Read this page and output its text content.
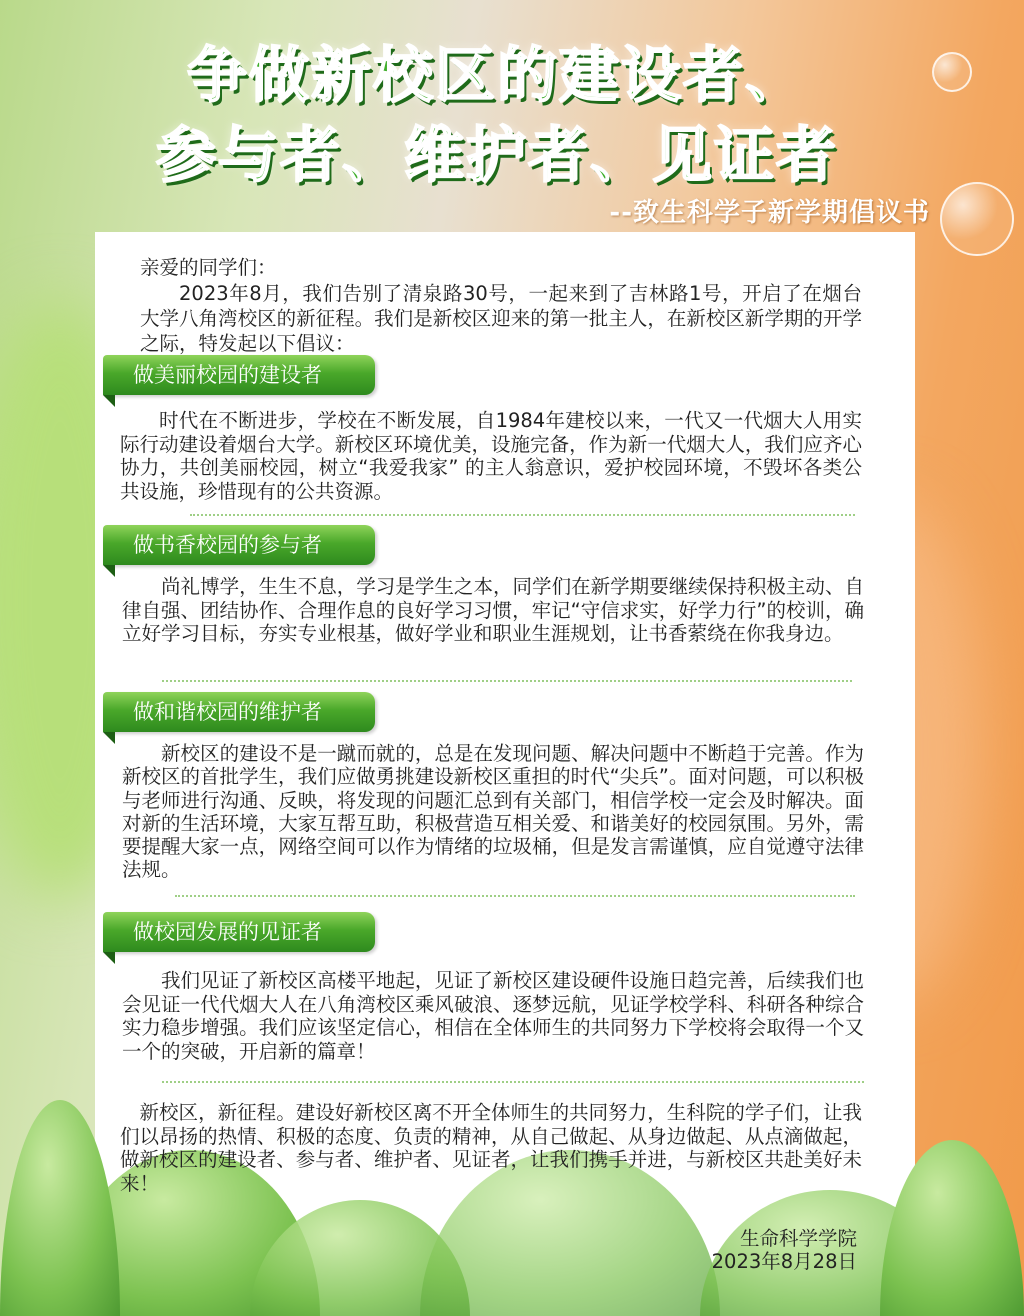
争做新校区的建设者、
参与者、维护者、见证者
--致生科学子新学期倡议书
亲爱的同学们：
2023年8月，我们告别了清泉路30号，一起来到了吉林路1号，开启了在烟台大学八角湾校区的新征程。我们是新校区迎来的第一批主人，在新校区新学期的开学之际，特发起以下倡议：
做美丽校园的建设者
时代在不断进步，学校在不断发展，自1984年建校以来，一代又一代烟大人用实际行动建设着烟台大学。新校区环境优美，设施完备，作为新一代烟大人，我们应齐心协力，共创美丽校园，树立“我爱我家” 的主人翁意识，爱护校园环境，不毁坏各类公共设施，珍惜现有的公共资源。
做书香校园的参与者
尚礼博学，生生不息，学习是学生之本，同学们在新学期要继续保持积极主动、自律自强、团结协作、合理作息的良好学习习惯，牢记“守信求实，好学力行”的校训，确立好学习目标，夯实专业根基，做好学业和职业生涯规划，让书香萦绕在你我身边。
做和谐校园的维护者
新校区的建设不是一蹴而就的，总是在发现问题、解决问题中不断趋于完善。作为新校区的首批学生，我们应做勇挑建设新校区重担的时代“尖兵”。面对问题，可以积极与老师进行沟通、反映，将发现的问题汇总到有关部门，相信学校一定会及时解决。面对新的生活环境，大家互帮互助，积极营造互相关爱、和谐美好的校园氛围。另外，需要提醒大家一点，网络空间可以作为情绪的垃圾桶，但是发言需谨慎，应自觉遵守法律法规。
做校园发展的见证者
我们见证了新校区高楼平地起，见证了新校区建设硬件设施日趋完善，后续我们也会见证一代代烟大人在八角湾校区乘风破浪、逐梦远航，见证学校学科、科研各种综合实力稳步增强。我们应该坚定信心，相信在全体师生的共同努力下学校将会取得一个又一个的突破，开启新的篇章！
新校区，新征程。建设好新校区离不开全体师生的共同努力，生科院的学子们，让我们以昂扬的热情、积极的态度、负责的精神，从自己做起、从身边做起、从点滴做起，做新校区的建设者、参与者、维护者、见证者，让我们携手并进，与新校区共赴美好未来！
生命科学学院
2023年8月28日
